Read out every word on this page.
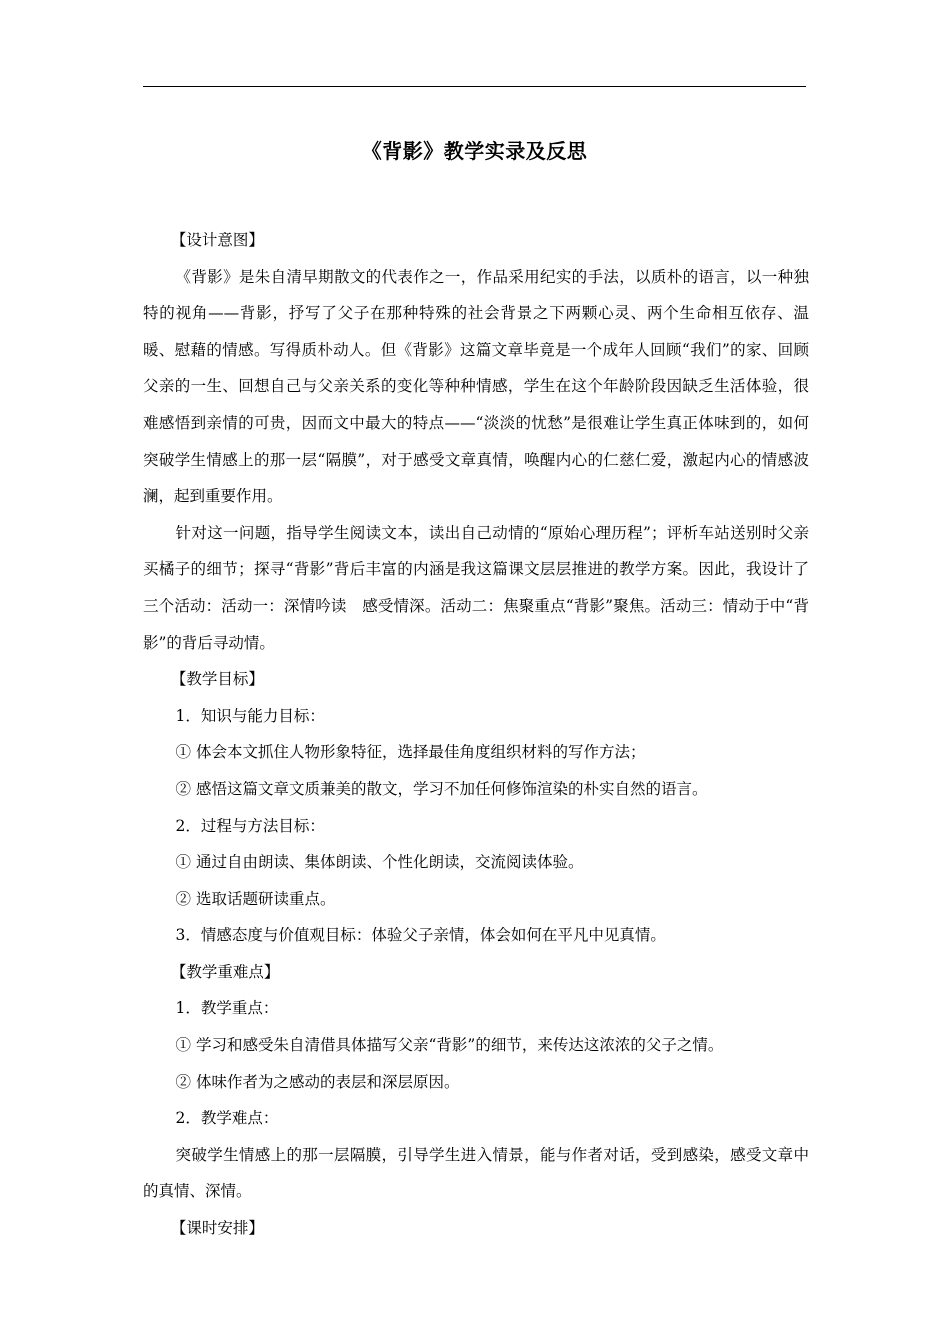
《背影》教学实录及反思

【设计意图】

《背影》是朱自清早期散文的代表作之一，作品采用纪实的手法，以质朴的语言，以一种独特的视角——背影，抒写了父子在那种特殊的社会背景之下两颗心灵、两个生命相互依存、温暖、慰藉的情感。写得质朴动人。但《背影》这篇文章毕竟是一个成年人回顾“我们”的家、回顾父亲的一生、回想自己与父亲关系的变化等种种情感，学生在这个年龄阶段因缺乏生活体验，很难感悟到亲情的可贵，因而文中最大的特点——“淡淡的忧愁”是很难让学生真正体味到的，如何突破学生情感上的那一层“隔膜”，对于感受文章真情，唤醒内心的仁慈仁爱，激起内心的情感波澜，起到重要作用。

针对这一问题，指导学生阅读文本，读出自己动情的“原始心理历程”；评析车站送别时父亲买橘子的细节；探寻“背影”背后丰富的内涵是我这篇课文层层推进的教学方案。因此，我设计了三个活动：活动一：深情吟读　感受情深。活动二：焦聚重点“背影”聚焦。活动三：情动于中“背影”的背后寻动情。

【教学目标】

1．知识与能力目标：

① 体会本文抓住人物形象特征，选择最佳角度组织材料的写作方法；

② 感悟这篇文章文质兼美的散文，学习不加任何修饰渲染的朴实自然的语言。

2．过程与方法目标：

① 通过自由朗读、集体朗读、个性化朗读，交流阅读体验。

② 选取话题研读重点。

3．情感态度与价值观目标：体验父子亲情，体会如何在平凡中见真情。

【教学重难点】

1．教学重点：

① 学习和感受朱自清借具体描写父亲“背影”的细节，来传达这浓浓的父子之情。

② 体味作者为之感动的表层和深层原因。

2．教学难点：

突破学生情感上的那一层隔膜，引导学生进入情景，能与作者对话，受到感染，感受文章中的真情、深情。

【课时安排】
